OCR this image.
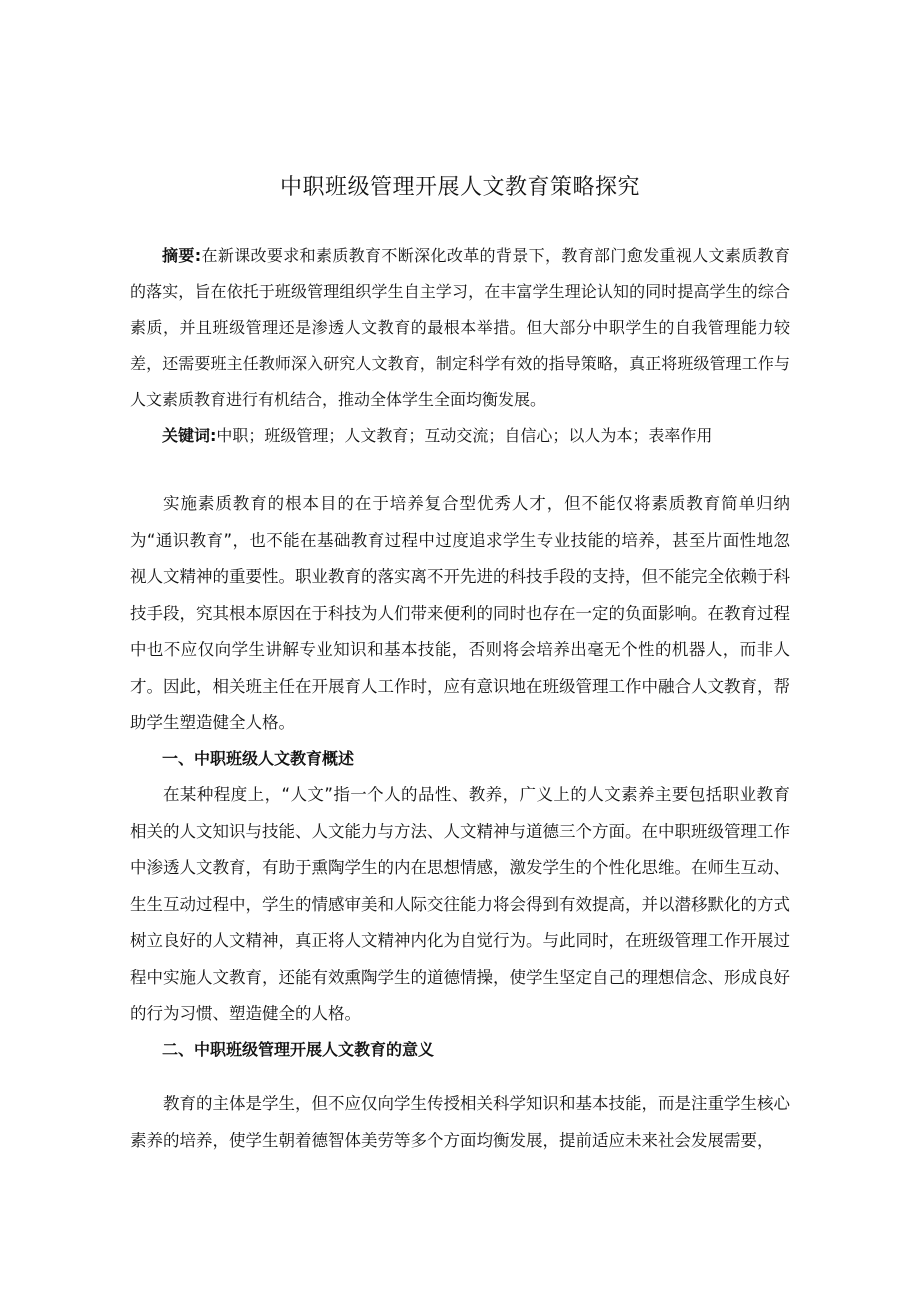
中职班级管理开展人文教育策略探究

摘要:在新课改要求和素质教育不断深化改革的背景下，教育部门愈发重视人文素质教育的落实，旨在依托于班级管理组织学生自主学习，在丰富学生理论认知的同时提高学生的综合素质，并且班级管理还是渗透人文教育的最根本举措。但大部分中职学生的自我管理能力较差，还需要班主任教师深入研究人文教育，制定科学有效的指导策略，真正将班级管理工作与人文素质教育进行有机结合，推动全体学生全面均衡发展。

关键词:中职；班级管理；人文教育；互动交流；自信心；以人为本；表率作用

实施素质教育的根本目的在于培养复合型优秀人才，但不能仅将素质教育简单归纳为“通识教育”，也不能在基础教育过程中过度追求学生专业技能的培养，甚至片面性地忽视人文精神的重要性。职业教育的落实离不开先进的科技手段的支持，但不能完全依赖于科技手段，究其根本原因在于科技为人们带来便利的同时也存在一定的负面影响。在教育过程中也不应仅向学生讲解专业知识和基本技能，否则将会培养出毫无个性的机器人，而非人才。因此，相关班主任在开展育人工作时，应有意识地在班级管理工作中融合人文教育，帮助学生塑造健全人格。

一、中职班级人文教育概述

在某种程度上，“人文”指一个人的品性、教养，广义上的人文素养主要包括职业教育相关的人文知识与技能、人文能力与方法、人文精神与道德三个方面。在中职班级管理工作中渗透人文教育，有助于熏陶学生的内在思想情感，激发学生的个性化思维。在师生互动、生生互动过程中，学生的情感审美和人际交往能力将会得到有效提高，并以潜移默化的方式树立良好的人文精神，真正将人文精神内化为自觉行为。与此同时，在班级管理工作开展过程中实施人文教育，还能有效熏陶学生的道德情操，使学生坚定自己的理想信念、形成良好的行为习惯、塑造健全的人格。

二、中职班级管理开展人文教育的意义

教育的主体是学生，但不应仅向学生传授相关科学知识和基本技能，而是注重学生核心素养的培养，使学生朝着德智体美劳等多个方面均衡发展，提前适应未来社会发展需要，
